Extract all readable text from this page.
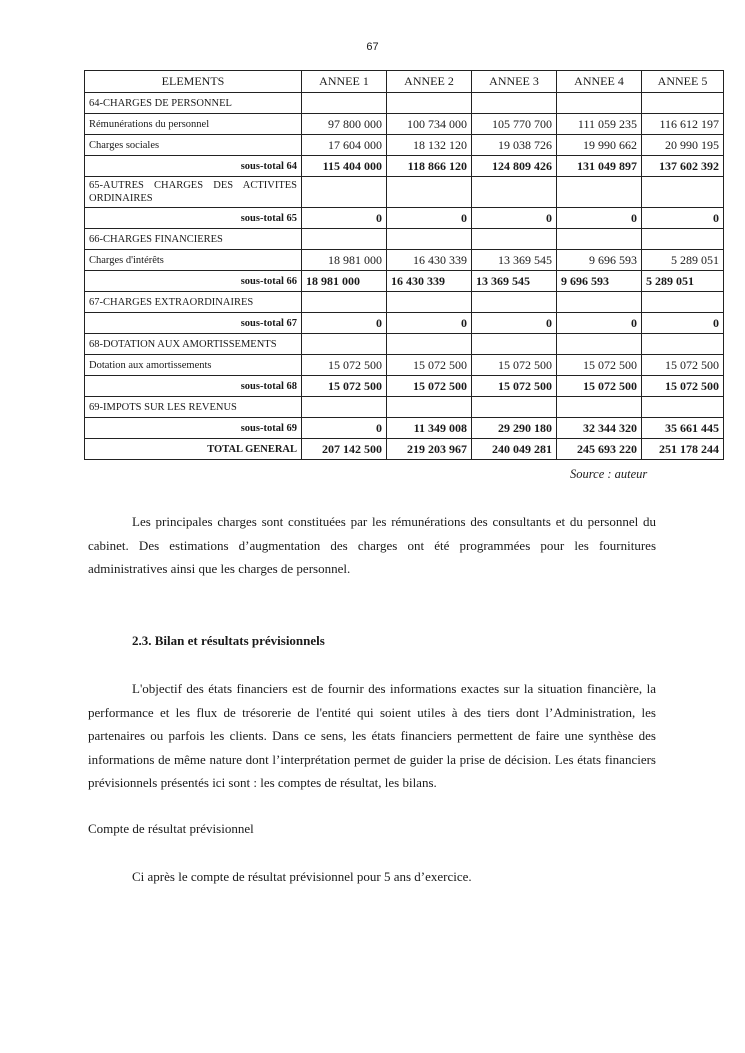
67
ELEMENTS	ANNEE 1	ANNEE 2	ANNEE 3	ANNEE 4	ANNEE 5
64-CHARGES DE PERSONNEL					
Rémunérations du personnel	97 800 000	100 734 000	105 770 700	111 059 235	116 612 197
Charges sociales	17 604 000	18 132 120	19 038 726	19 990 662	20 990 195
sous-total 64	115 404 000	118 866 120	124 809 426	131 049 897	137 602 392
65-AUTRES CHARGES DES ACTIVITES ORDINAIRES					
sous-total 65	0	0	0	0	0
66-CHARGES FINANCIERES					
Charges d'intérêts	18 981 000	16 430 339	13 369 545	9 696 593	5 289 051
sous-total 66	18 981 000	16 430 339	13 369 545	9 696 593	5 289 051
67-CHARGES EXTRAORDINAIRES					
sous-total 67	0	0	0	0	0
68-DOTATION AUX AMORTISSEMENTS					
Dotation aux amortissements	15 072 500	15 072 500	15 072 500	15 072 500	15 072 500
sous-total 68	15 072 500	15 072 500	15 072 500	15 072 500	15 072 500
69-IMPOTS SUR LES REVENUS					
sous-total 69	0	11 349 008	29 290 180	32 344 320	35 661 445
TOTAL GENERAL	207 142 500	219 203 967	240 049 281	245 693 220	251 178 244
Source : auteur

Les principales charges sont constituées par les rémunérations des consultants et du personnel du cabinet. Des estimations d’augmentation des charges ont été programmées pour les fournitures administratives ainsi que les charges de personnel.

2.3. Bilan et résultats prévisionnels

L'objectif des états financiers est de fournir des informations exactes sur la situation financière, la performance et les flux de trésorerie de l'entité qui soient utiles à des tiers dont l’Administration, les partenaires ou parfois les clients. Dans ce sens, les états financiers permettent de faire une synthèse des informations de même nature dont l’interprétation permet de guider la prise de décision. Les états financiers prévisionnels présentés ici sont : les comptes de résultat, les bilans.

Compte de résultat prévisionnel

Ci après le compte de résultat prévisionnel pour 5 ans d’exercice.
